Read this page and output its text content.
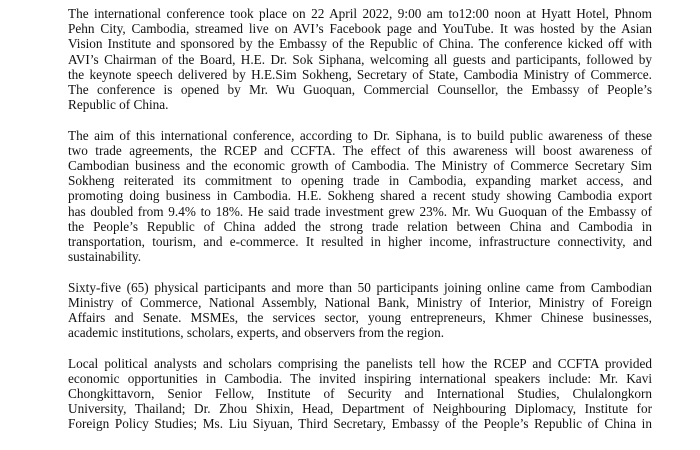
The international conference took place on 22 April 2022, 9:00 am to12:00 noon at Hyatt Hotel, Phnom
Pehn City, Cambodia, streamed live on AVI’s Facebook page and YouTube. It was hosted by the Asian
Vision Institute and sponsored by the Embassy of the Republic of China. The conference kicked off with
AVI’s Chairman of the Board, H.E. Dr. Sok Siphana, welcoming all guests and participants, followed by
the keynote speech delivered by H.E.Sim Sokheng, Secretary of State, Cambodia Ministry of Commerce.
The conference is opened by Mr. Wu Guoquan, Commercial Counsellor, the Embassy of People’s
Republic of China.
The aim of this international conference, according to Dr. Siphana, is to build public awareness of these
two trade agreements, the RCEP and CCFTA. The effect of this awareness will boost awareness of
Cambodian business and the economic growth of Cambodia. The Ministry of Commerce Secretary Sim
Sokheng reiterated its commitment to opening trade in Cambodia, expanding market access, and
promoting doing business in Cambodia. H.E. Sokheng shared a recent study showing Cambodia export
has doubled from 9.4% to 18%. He said trade investment grew 23%. Mr. Wu Guoquan of the Embassy of
the People’s Republic of China added the strong trade relation between China and Cambodia in
transportation, tourism, and e-commerce. It resulted in higher income, infrastructure connectivity, and
sustainability.
Sixty-five (65) physical participants and more than 50 participants joining online came from Cambodian
Ministry of Commerce, National Assembly, National Bank, Ministry of Interior, Ministry of Foreign
Affairs and Senate. MSMEs, the services sector, young entrepreneurs, Khmer Chinese businesses,
academic institutions, scholars, experts, and observers from the region.
Local political analysts and scholars comprising the panelists tell how the RCEP and CCFTA provided
economic opportunities in Cambodia. The invited inspiring international speakers include: Mr. Kavi
Chongkittavorn, Senior Fellow, Institute of Security and International Studies, Chulalongkorn
University, Thailand; Dr. Zhou Shixin, Head, Department of Neighbouring Diplomacy, Institute for
Foreign Policy Studies; Ms. Liu Siyuan, Third Secretary, Embassy of the People’s Republic of China in
